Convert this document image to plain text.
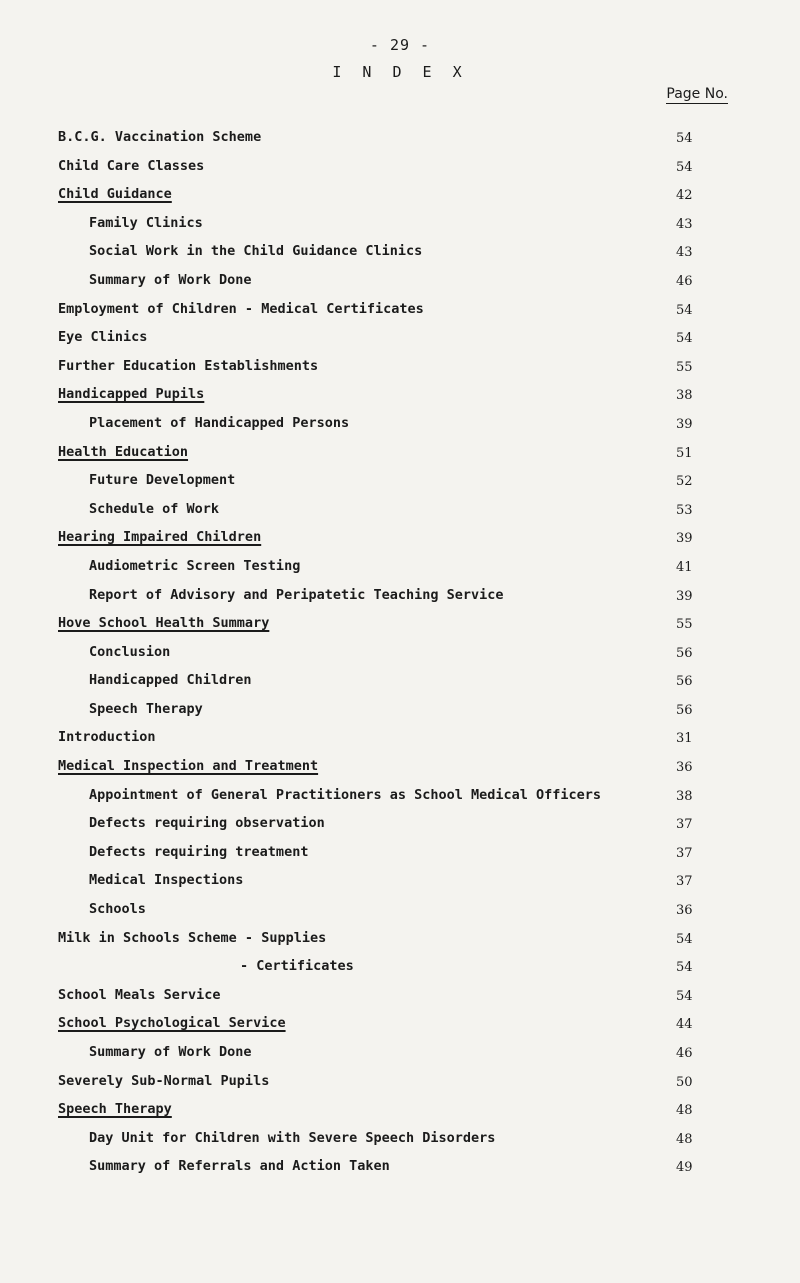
- 29 -
I N D E X
Page No.
B.C.G. Vaccination Scheme	54
Child Care Classes	54
Child Guidance	42
Family Clinics	43
Social Work in the Child Guidance Clinics	43
Summary of Work Done	46
Employment of Children - Medical Certificates	54
Eye Clinics	54
Further Education Establishments	55
Handicapped Pupils	38
Placement of Handicapped Persons	39
Health Education	51
Future Development	52
Schedule of Work	53
Hearing Impaired Children	39
Audiometric Screen Testing	41
Report of Advisory and Peripatetic Teaching Service	39
Hove School Health Summary	55
Conclusion	56
Handicapped Children	56
Speech Therapy	56
Introduction	31
Medical Inspection and Treatment	36
Appointment of General Practitioners as School Medical Officers	38
Defects requiring observation	37
Defects requiring treatment	37
Medical Inspections	37
Schools	36
Milk in Schools Scheme - Supplies	54
- Certificates	54
School Meals Service	54
School Psychological Service	44
Summary of Work Done	46
Severely Sub-Normal Pupils	50
Speech Therapy	48
Day Unit for Children with Severe Speech Disorders	48
Summary of Referrals and Action Taken	49
